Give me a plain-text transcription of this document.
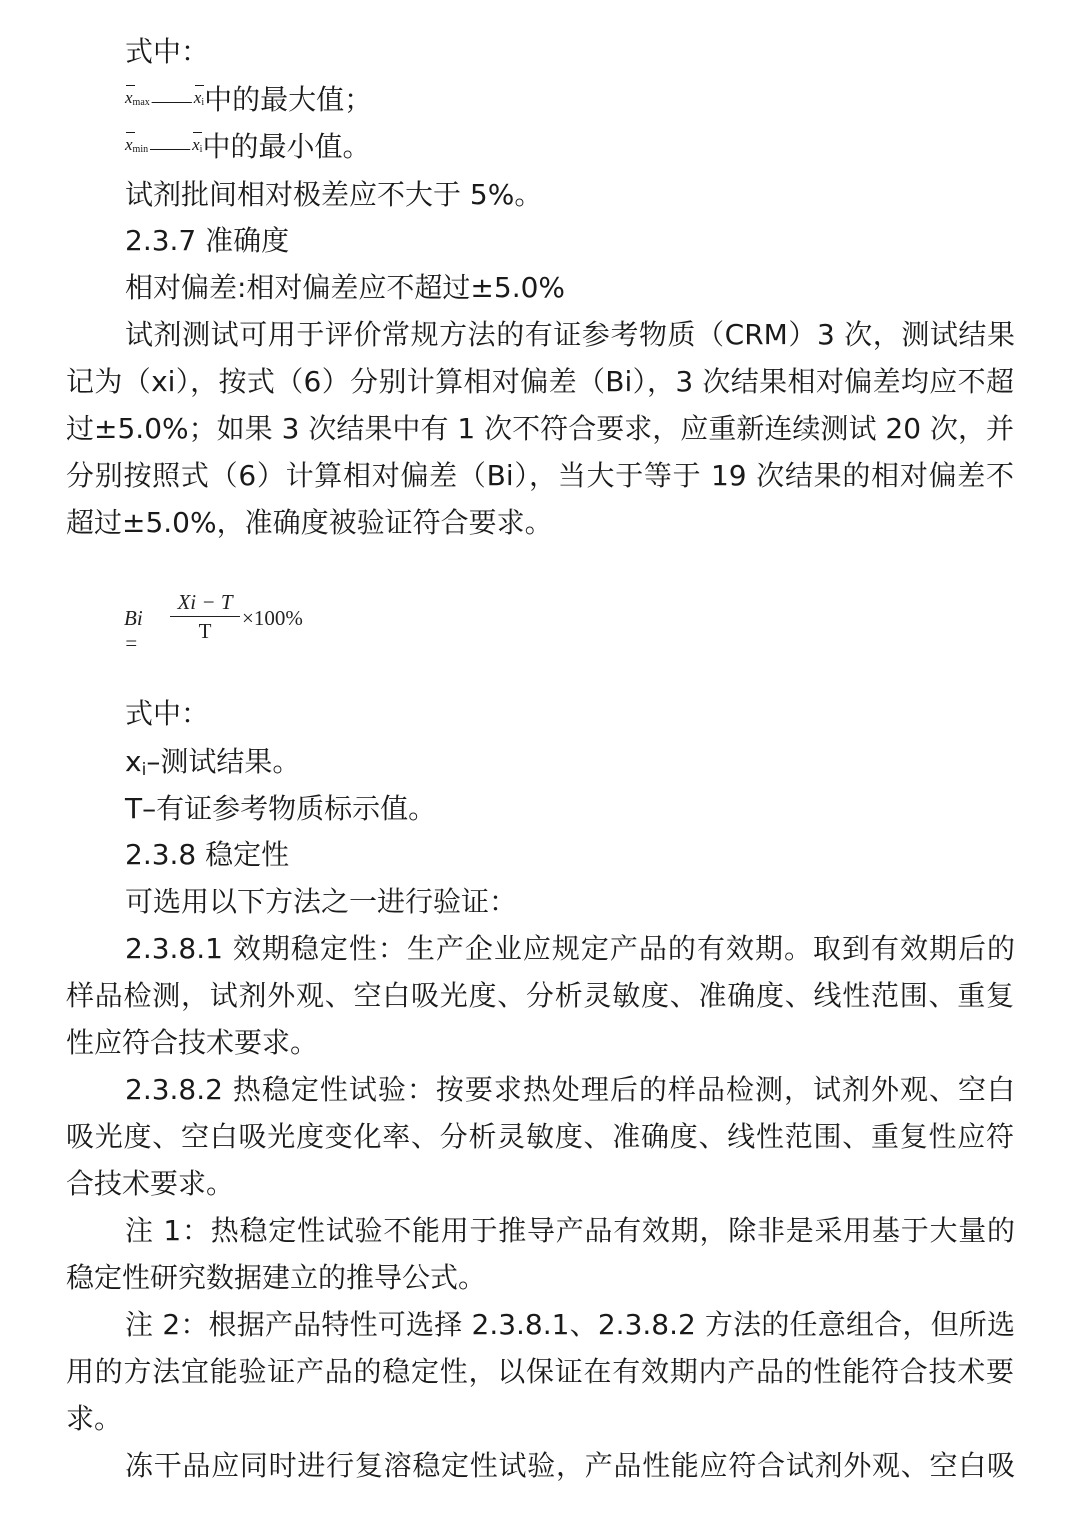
式中：
$x_{max}$ —— $x_i$中的最大值；
$x_{min}$ —— $x_i$中的最小值。
试剂批间相对极差应不大于 5%。
2.3.7 准确度
相对偏差:相对偏差应不超过±5.0%
试剂测试可用于评价常规方法的有证参考物质（CRM）3 次，测试结果
记为（xi），按式（6）分别计算相对偏差（Bi），3 次结果相对偏差均应不超
过±5.0%；如果 3 次结果中有 1 次不符合要求，应重新连续测试 20 次，并
分别按照式（6）计算相对偏差（Bi），当大于等于 19 次结果的相对偏差不
超过±5.0%，准确度被验证符合要求。
Bi =
Xi − T
T
×100%
式中：
$x_i-$测试结果。
T–有证参考物质标示值。
2.3.8 稳定性
可选用以下方法之一进行验证：
2.3.8.1 效期稳定性：生产企业应规定产品的有效期。取到有效期后的
样品检测，试剂外观、空白吸光度、分析灵敏度、准确度、线性范围、重复
性应符合技术要求。
2.3.8.2 热稳定性试验：按要求热处理后的样品检测，试剂外观、空白
吸光度、空白吸光度变化率、分析灵敏度、准确度、线性范围、重复性应符
合技术要求。
注 1：热稳定性试验不能用于推导产品有效期，除非是采用基于大量的
稳定性研究数据建立的推导公式。
注 2：根据产品特性可选择 2.3.8.1、2.3.8.2 方法的任意组合，但所选
用的方法宜能验证产品的稳定性，以保证在有效期内产品的性能符合技术要
求。
冻干品应同时进行复溶稳定性试验，产品性能应符合试剂外观、空白吸
